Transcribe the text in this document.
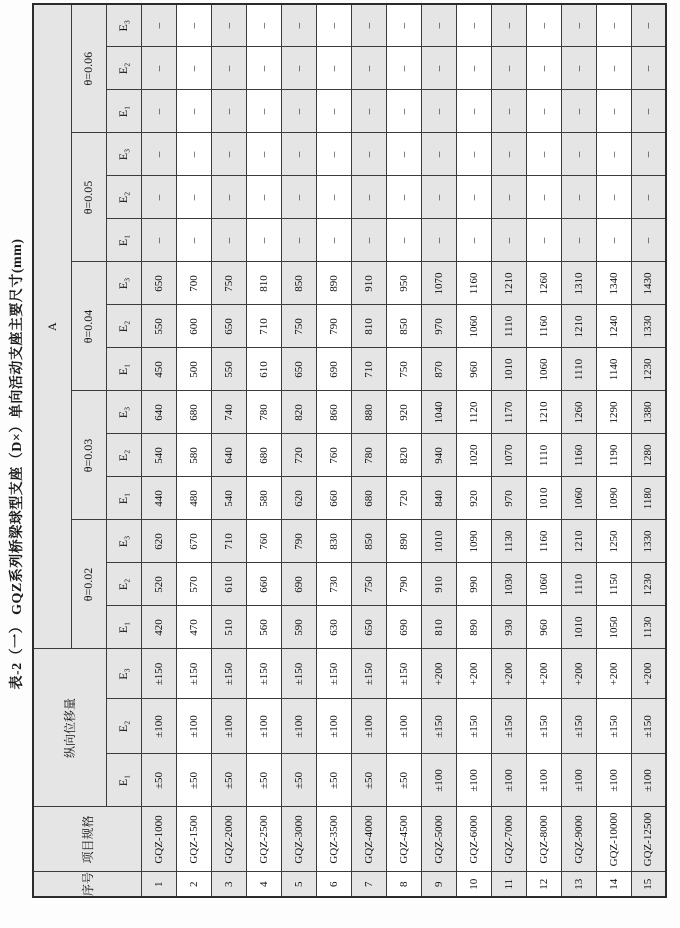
表-2（一） GQZ系列桥梁球型支座（D×）单向活动支座主要尺寸(mm)
序号	项目规格	纵向位移量			A														
					θ=0.02			θ=0.03			θ=0.04			θ=0.05			θ=0.06		
		E₁	E₂	E₃	E₁	E₂	E₃	E₁	E₂	E₃	E₁	E₂	E₃	E₁	E₂	E₃	E₁	E₂	E₃
1	GQZ-1000	±50	±100	±150	420	520	620	440	540	640	450	550	650	–	–	–	–	–	–
2	GQZ-1500	±50	±100	±150	470	570	670	480	580	680	500	600	700	–	–	–	–	–	–
3	GQZ-2000	±50	±100	±150	510	610	710	540	640	740	550	650	750	–	–	–	–	–	–
4	GQZ-2500	±50	±100	±150	560	660	760	580	680	780	610	710	810	–	–	–	–	–	–
5	GQZ-3000	±50	±100	±150	590	690	790	620	720	820	650	750	850	–	–	–	–	–	–
6	GQZ-3500	±50	±100	±150	630	730	830	660	760	860	690	790	890	–	–	–	–	–	–
7	GQZ-4000	±50	±100	±150	650	750	850	680	780	880	710	810	910	–	–	–	–	–	–
8	GQZ-4500	±50	±100	±150	690	790	890	720	820	920	750	850	950	–	–	–	–	–	–
9	GQZ-5000	±100	±150	+200	810	910	1010	840	940	1040	870	970	1070	–	–	–	–	–	–
10	GQZ-6000	±100	±150	+200	890	990	1090	920	1020	1120	960	1060	1160	–	–	–	–	–	–
11	GQZ-7000	±100	±150	+200	930	1030	1130	970	1070	1170	1010	1110	1210	–	–	–	–	–	–
12	GQZ-8000	±100	±150	+200	960	1060	1160	1010	1110	1210	1060	1160	1260	–	–	–	–	–	–
13	GQZ-9000	±100	±150	+200	1010	1110	1210	1060	1160	1260	1110	1210	1310	–	–	–	–	–	–
14	GQZ-10000	±100	±150	+200	1050	1150	1250	1090	1190	1290	1140	1240	1340	–	–	–	–	–	–
15	GQZ-12500	±100	±150	+200	1130	1230	1330	1180	1280	1380	1230	1330	1430	–	–	–	–	–	–
